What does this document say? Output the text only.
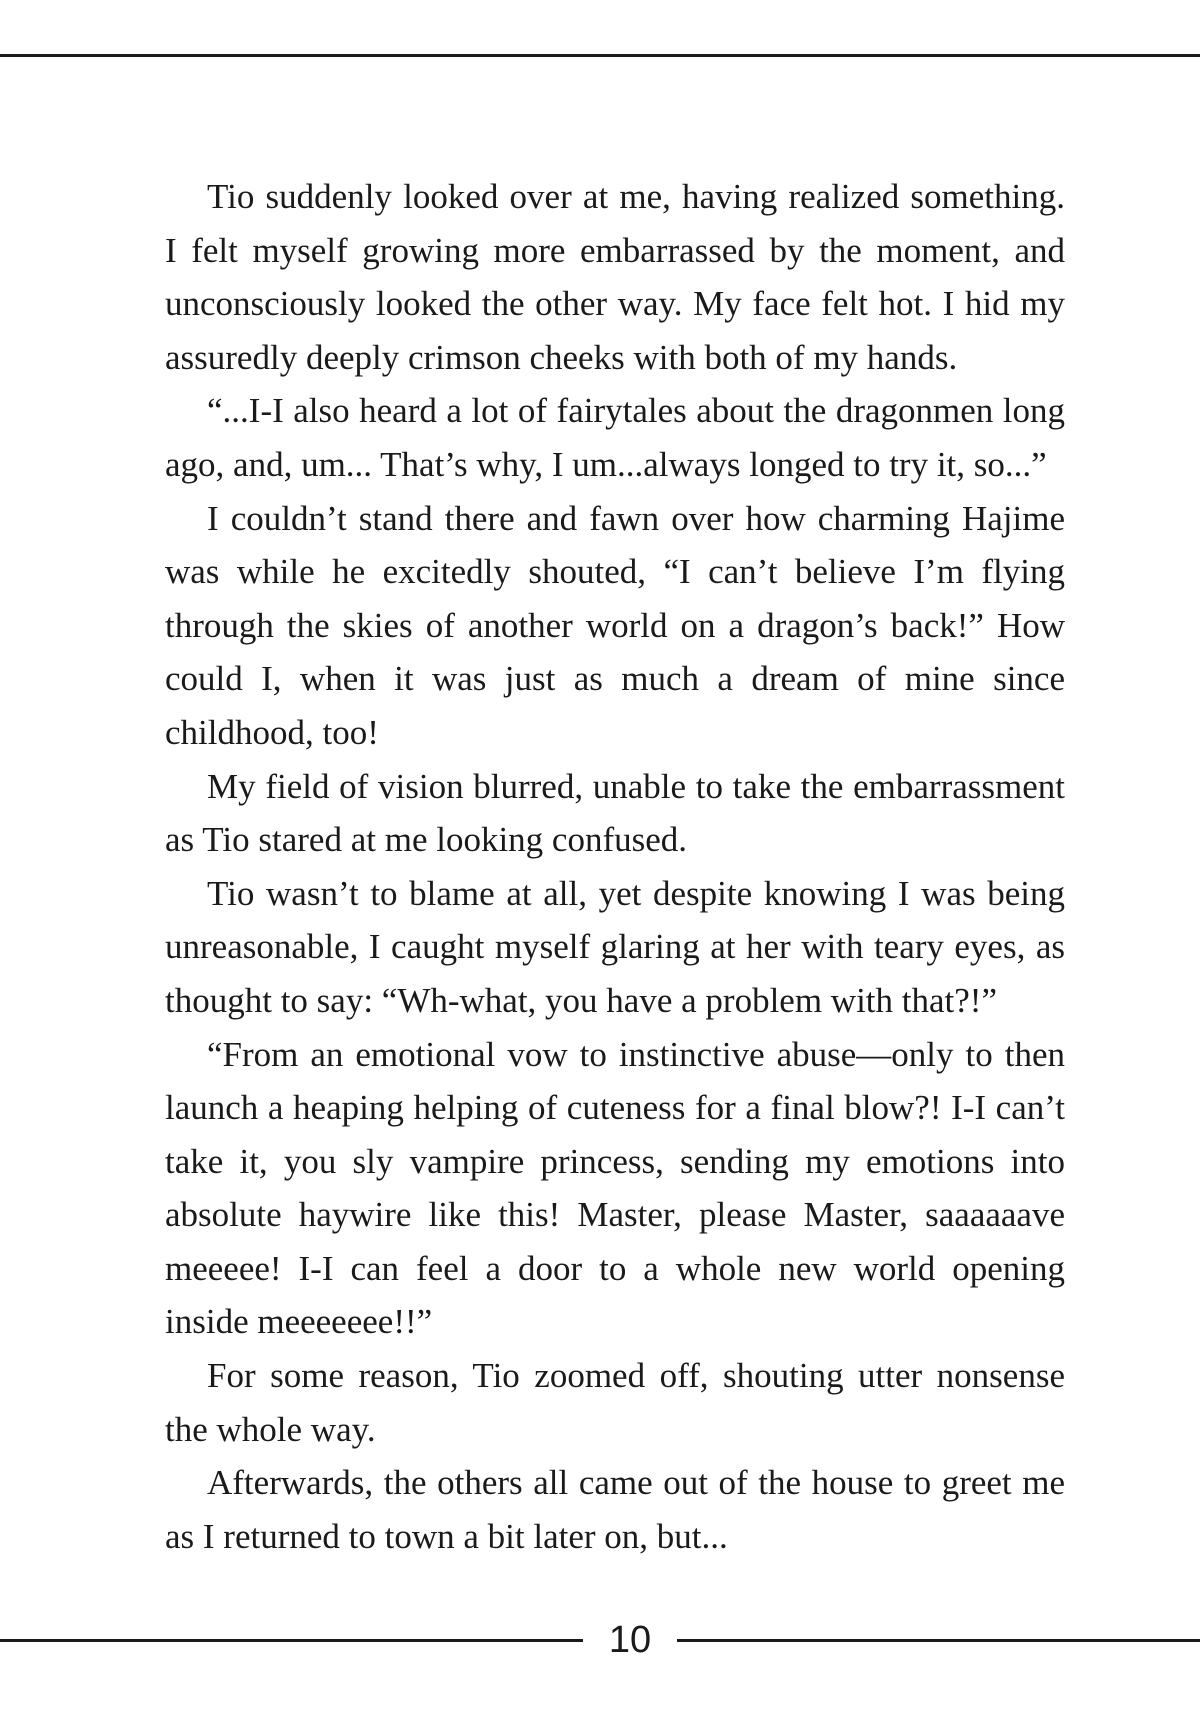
Tio suddenly looked over at me, having realized something. I felt myself growing more embarrassed by the moment, and unconsciously looked the other way. My face felt hot. I hid my assuredly deeply crimson cheeks with both of my hands.

“...I-I also heard a lot of fairytales about the dragonmen long ago, and, um... That’s why, I um...always longed to try it, so...”

I couldn’t stand there and fawn over how charming Hajime was while he excitedly shouted, “I can’t believe I’m flying through the skies of another world on a dragon’s back!” How could I, when it was just as much a dream of mine since childhood, too!

My field of vision blurred, unable to take the embarrassment as Tio stared at me looking confused.

Tio wasn’t to blame at all, yet despite knowing I was being unreasonable, I caught myself glaring at her with teary eyes, as thought to say: “Wh-what, you have a problem with that?!”

“From an emotional vow to instinctive abuse—only to then launch a heaping helping of cuteness for a final blow?! I-I can’t take it, you sly vampire princess, sending my emotions into absolute haywire like this! Master, please Master, saaaaaave meeeee! I-I can feel a door to a whole new world opening inside meeeeeee!!”

For some reason, Tio zoomed off, shouting utter nonsense the whole way.

Afterwards, the others all came out of the house to greet me as I returned to town a bit later on, but...

10
